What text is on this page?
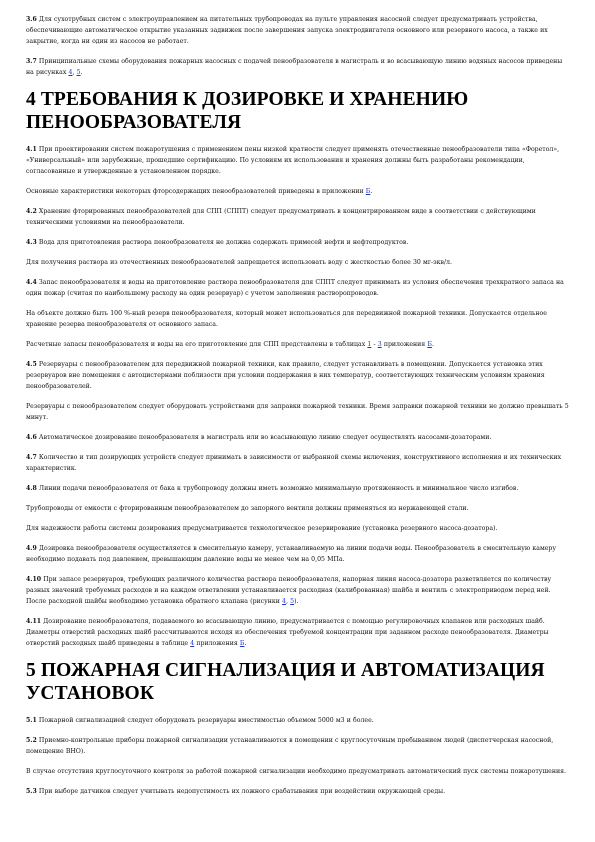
3.6 Для сухотрубных систем с электроуправлением на питательных трубопроводах на пульте управления насосной следует предусматривать устройства, обеспечивающие автоматическое открытие указанных задвижек после завершения запуска электродвигателя основного или резервного насоса, а также их закрытие, когда ни один из насосов не работает.

3.7 Принципиальные схемы оборудования пожарных насосных с подачей пенообразователя в магистраль и во всасывающую линию водяных насосов приведены на рисунках 4, 5.

4 ТРЕБОВАНИЯ К ДОЗИРОВКЕ И ХРАНЕНИЮ ПЕНООБРАЗОВАТЕЛЯ

4.1 При проектировании систем пожаротушения с применением пены низкой кратности следует применять отечественные пенообразователи типа «Форетол», «Универсальный» или зарубежные, прошедшие сертификацию. По условиям их использования и хранения должны быть разработаны рекомендации, согласованные и утвержденные в установленном порядке.

Основные характеристики некоторых фторсодержащих пенообразователей приведены в приложении Б.

4.2 Хранение фторированных пенообразователей для СПП (СППТ) следует предусматривать в концентрированном виде в соответствии с действующими техническими условиями на пенообразователи.

4.3 Вода для приготовления раствора пенообразователя не должна содержать примесей нефти и нефтепродуктов.

Для получения раствора из отечественных пенообразователей запрещается использовать воду с жесткостью более 30 мг-экв/л.

4.4 Запас пенообразователя и воды на приготовление раствора пенообразователя для СППТ следует принимать из условия обеспечения трехкратного запаса на один пожар (считая по наибольшему расходу на один резервуар) с учетом заполнения растворопроводов.

На объекте должно быть 100 %-ный резерв пенообразователя, который может использоваться для передвижной пожарной техники. Допускается отдельное хранение резерва пенообразователя от основного запаса.

Расчетные запасы пенообразователя и воды на его приготовление для СПП представлены в таблицах 1 - 3 приложения Б.

4.5 Резервуары с пенообразователем для передвижной пожарной техники, как правило, следует устанавливать в помещении. Допускается установка этих резервуаров вне помещения с автоцистернами поблизости при условии поддержания в них температур, соответствующих техническим условиям хранения пенообразователей.

Резервуары с пенообразователем следует оборудовать устройствами для заправки пожарной техники. Время заправки пожарной техники не должно превышать 5 минут.

4.6 Автоматическое дозирование пенообразователя в магистраль или во всасывающую линию следует осуществлять насосами-дозаторами.

4.7 Количество и тип дозирующих устройств следует принимать в зависимости от выбранной схемы включения, конструктивного исполнения и их технических характеристик.

4.8 Линии подачи пенообразователя от бака к трубопроводу должны иметь возможно минимальную протяженность и минимальное число изгибов.

Трубопроводы от емкости с фторированным пенообразователем до запорного вентиля должны применяться из нержавеющей стали.

Для надежности работы системы дозирования предусматривается технологическое резервирование (установка резервного насоса-дозатора).

4.9 Дозировка пенообразователя осуществляется в смесительную камеру, устанавливаемую на линии подачи воды. Пенообразователь в смесительную камеру необходимо подавать под давлением, превышающим давление воды не менее чем на 0,05 МПа.

4.10 При запасе резервуаров, требующих различного количества раствора пенообразователя, напорная линия насоса-дозатора разветвляется по количеству разных значений требуемых расходов и на каждом ответвлении устанавливается расходная (калиброванная) шайба и вентиль с электроприводом перед ней. После расходной шайбы необходимо установка обратного клапана (рисунки 4, 5).

4.11 Дозирование пенообразователя, подаваемого во всасывающую линию, предусматривается с помощью регулировочных клапанов или расходных шайб. Диаметры отверстий расходных шайб рассчитываются исходя из обеспечения требуемой концентрации при заданном расходе пенообразователя. Диаметры отверстий расходных шайб приведены в таблице 4 приложения Б.

5 ПОЖАРНАЯ СИГНАЛИЗАЦИЯ И АВТОМАТИЗАЦИЯ УСТАНОВОК

5.1 Пожарной сигнализацией следует оборудовать резервуары вместимостью объемом 5000 м3 и более.

5.2 Приемно-контрольные приборы пожарной сигнализации устанавливаются в помещении с круглосуточным пребыванием людей (диспетчерская насосной, помещение ВНО).

В случае отсутствия круглосуточного контроля за работой пожарной сигнализации необходимо предусматривать автоматический пуск системы пожаротушения.

5.3 При выборе датчиков следует учитывать недопустимость их ложного срабатывания при воздействии окружающей среды.
